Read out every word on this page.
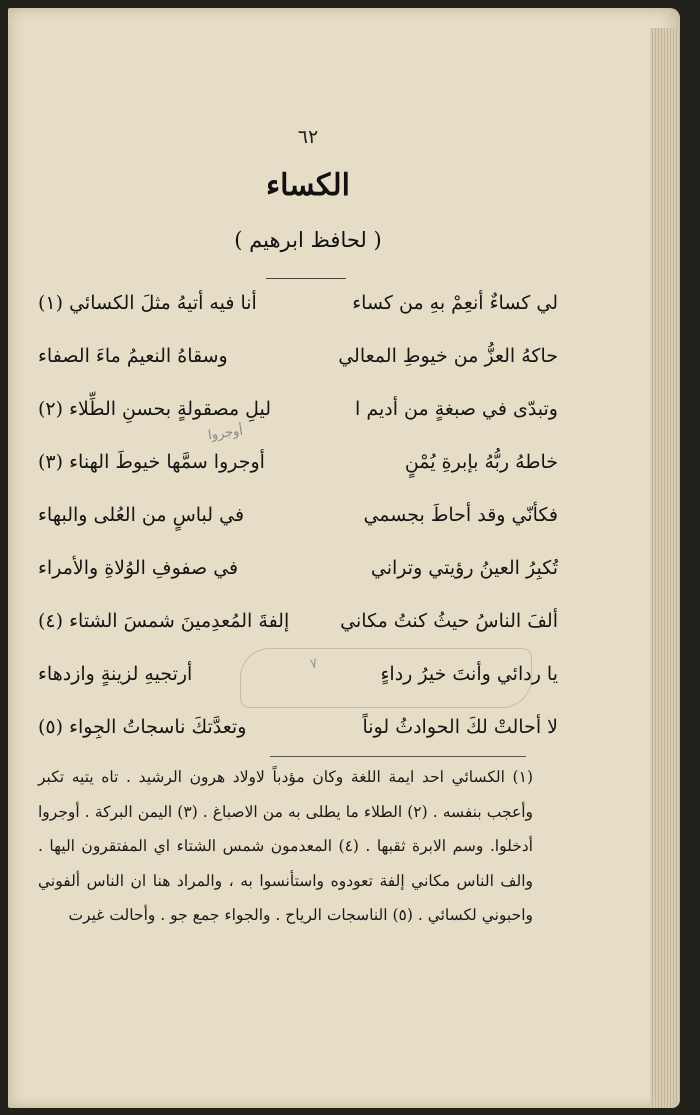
٦٢
الكساء
( لحافظ ابرهيم )
لي كساءٌ أنعِمْ بهِ من كساء
أنا فيه أتيهُ مثلَ الكسائي (١)
حاكهُ العزُّ من خيوطِ المعالي
وسقاهُ النعيمُ ماءَ الصفاء
وتبدّى في صبغةٍ من أديم ا
ليلِ مصقولةٍ بحسنِ الطِّلاء (٢)
خاطهُ ربُّهُ بإبرةِ يُمْنٍ
أوجروا سمَّها خيوطَ الهناء (٣)
فكأنّي وقد أحاطَ بجسمي
في لباسٍ من العُلى والبهاء
تُكبِرُ العينُ رؤيتي وتراني
في صفوفِ الوُلاةِ والأمراء
ألفَ الناسُ حيثُ كنتُ مكاني
إلفةَ المُعدِمينَ شمسَ الشتاء (٤)
يا ردائي وأنتَ خيرُ رداءٍ
أرتجيهِ لزينةٍ وازدهاء
لا أحالتْ لكَ الحوادثُ لوناً
وتعدَّتكَ ناسجاتُ الجِواء (٥)
أوجروا
٧

(١) الكسائي احد ايمة اللغة وكان مؤدباً لاولاد هرون الرشيد . تاه يتيه تكبر وأعجب بنفسه . (٢) الطلاء ما يطلى به من الاصباغ . (٣) اليمن البركة . أوجروا أدخلوا. وسم الابرة ثقبها . (٤) المعدمون شمس الشتاء اي المفتقرون اليها . والف الناس مكاني إلفة تعودوه واستأنسوا به ، والمراد هنا ان الناس ألفوني واحبوني لكسائي . (٥) الناسجات الرياح . والجواء جمع جو . وأحالت غيرت
